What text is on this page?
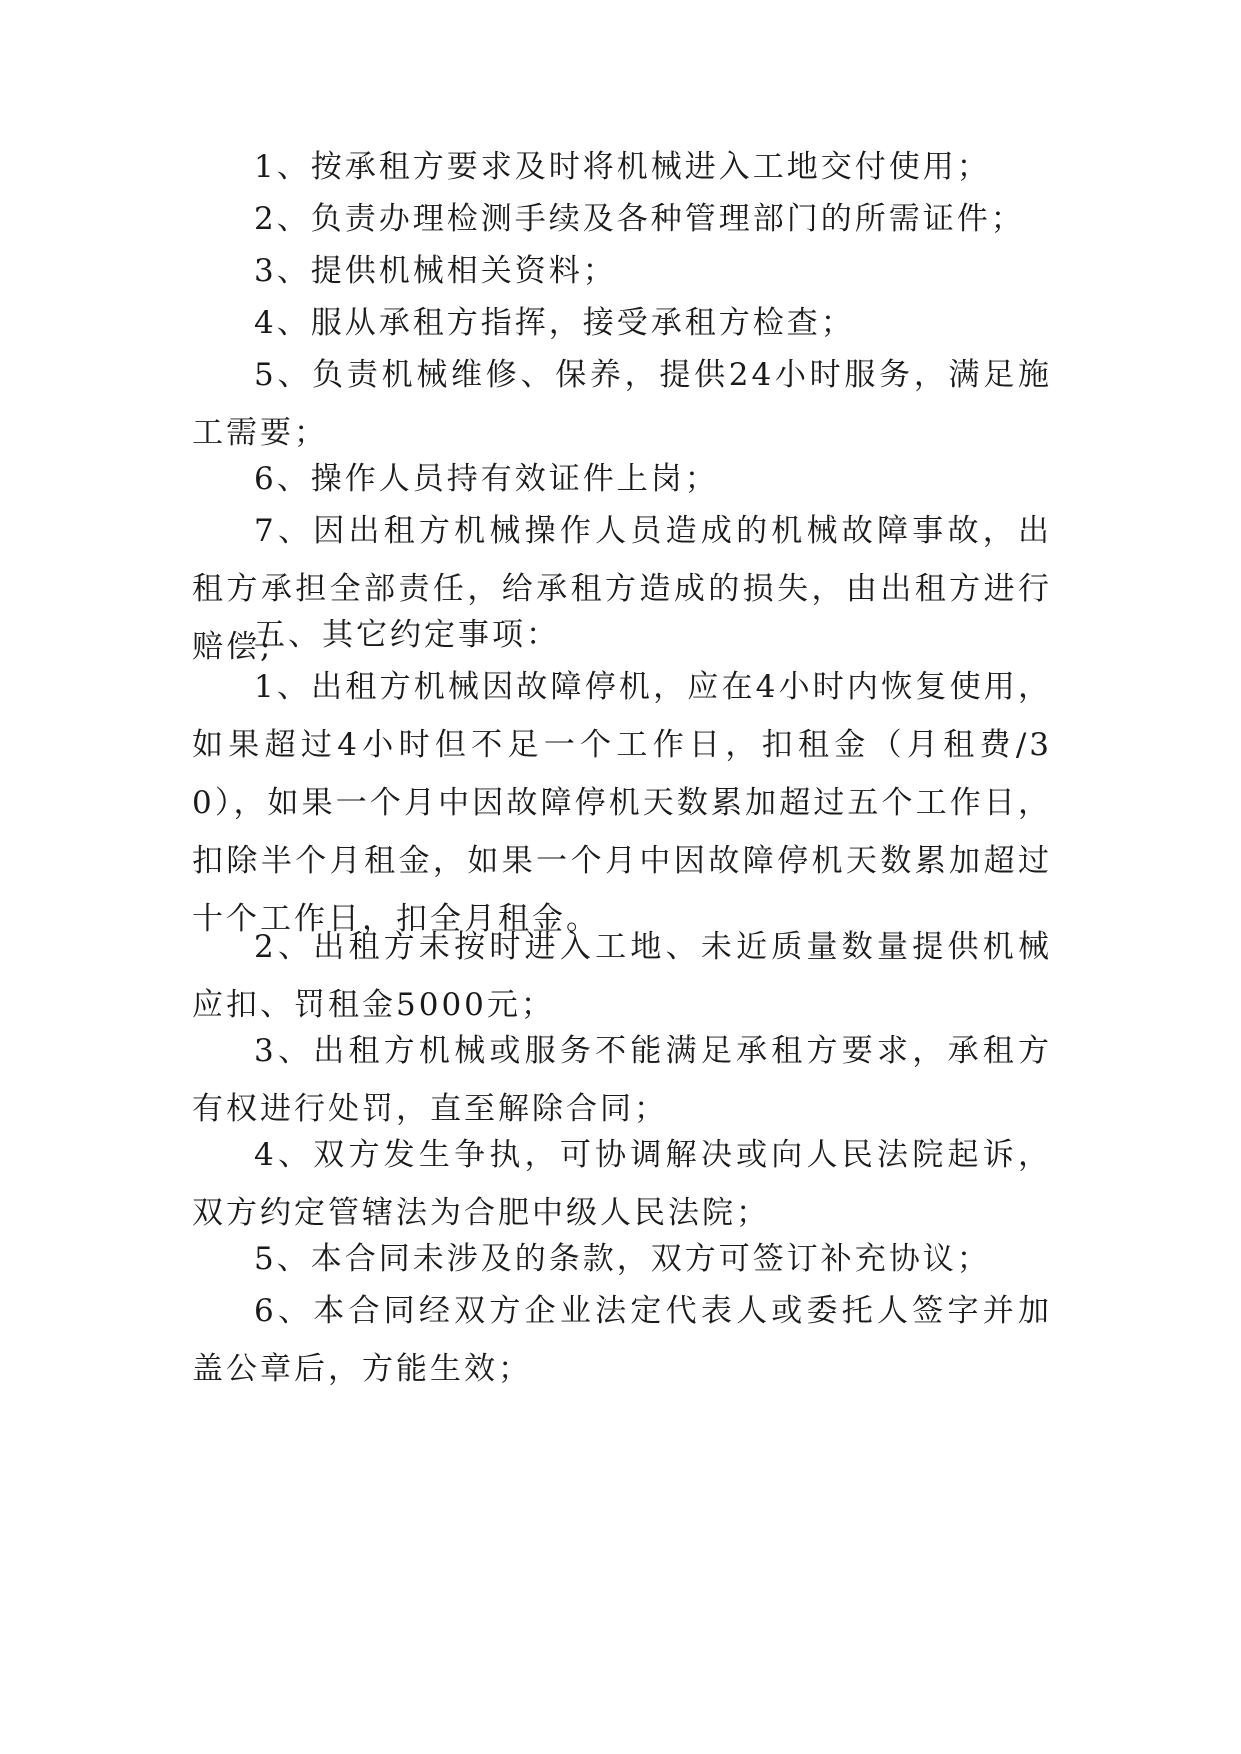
1、按承租方要求及时将机械进入工地交付使用；

2、负责办理检测手续及各种管理部门的所需证件；

3、提供机械相关资料；

4、服从承租方指挥，接受承租方检查；

5、负责机械维修、保养，提供24小时服务，满足施工需要；

6、操作人员持有效证件上岗；

7、因出租方机械操作人员造成的机械故障事故，出租方承担全部责任，给承租方造成的损失，由出租方进行赔偿;

五、其它约定事项：

1、出租方机械因故障停机，应在4小时内恢复使用，如果超过4小时但不足一个工作日，扣租金（月租费/30），如果一个月中因故障停机天数累加超过五个工作日，扣除半个月租金，如果一个月中因故障停机天数累加超过十个工作日，扣全月租金。

2、出租方未按时进入工地、未近质量数量提供机械应扣、罚租金5000元；

3、出租方机械或服务不能满足承租方要求，承租方有权进行处罚，直至解除合同；

4、双方发生争执，可协调解决或向人民法院起诉，双方约定管辖法为合肥中级人民法院；

5、本合同未涉及的条款，双方可签订补充协议；

6、本合同经双方企业法定代表人或委托人签字并加盖公章后，方能生效；
